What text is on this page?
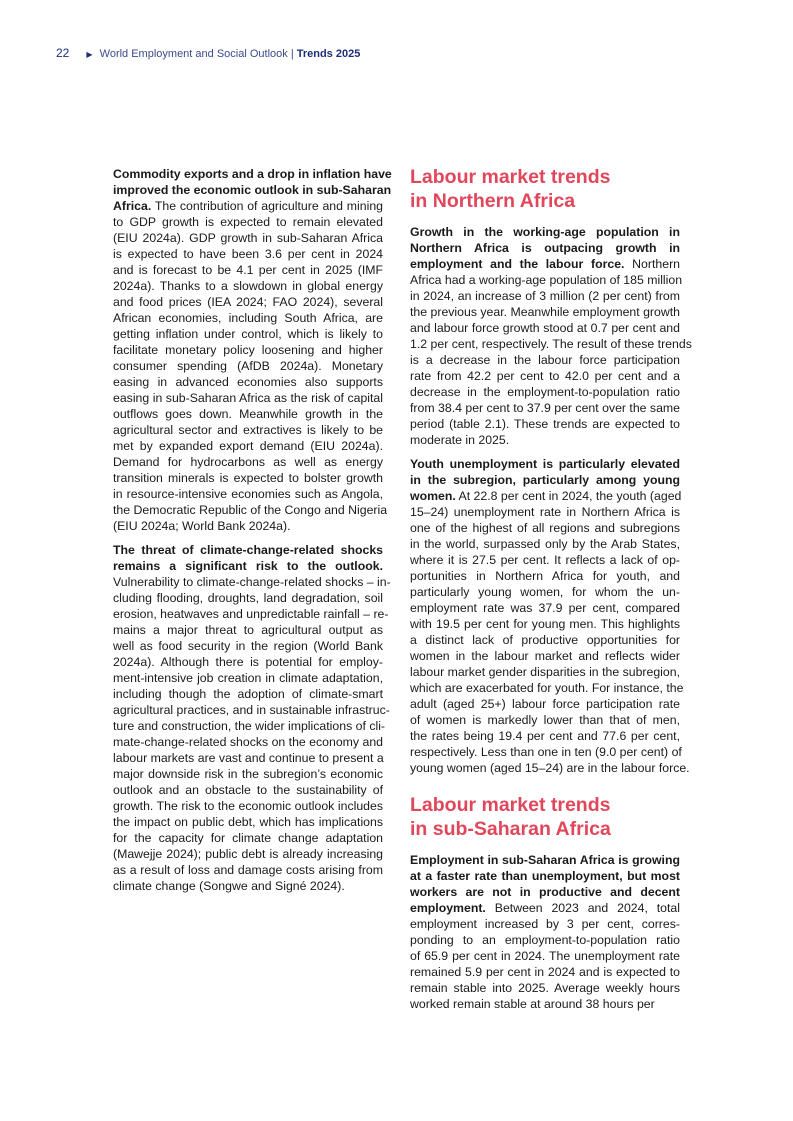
22 ▶ World Employment and Social Outlook | Trends 2025
Commodity exports and a drop in inflation have
improved the economic outlook in sub-Saharan
Africa. The contribution of agriculture and mining
to GDP growth is expected to remain elevated
(EIU 2024a). GDP growth in sub-Saharan Africa
is expected to have been 3.6 per cent in 2024
and is forecast to be 4.1 per cent in 2025 (IMF
2024a). Thanks to a slowdown in global energy
and food prices (IEA 2024; FAO 2024), several
African economies, including South Africa, are
getting inflation under control, which is likely to
facilitate monetary policy loosening and higher
consumer spending (AfDB 2024a). Monetary
easing in advanced economies also supports
easing in sub-Saharan Africa as the risk of capital
outflows goes down. Meanwhile growth in the
agricultural sector and extractives is likely to be
met by expanded export demand (EIU 2024a).
Demand for hydrocarbons as well as energy
transition minerals is expected to bolster growth
in resource-intensive economies such as Angola,
the Democratic Republic of the Congo and Nigeria
(EIU 2024a; World Bank 2024a).
The threat of climate-change-related shocks
remains a significant risk to the outlook.
Vulnerability to climate-change-related shocks – in-
cluding flooding, droughts, land degradation, soil
erosion, heatwaves and unpredictable rainfall – re-
mains a major threat to agricultural output as
well as food security in the region (World Bank
2024a). Although there is potential for employ-
ment-intensive job creation in climate adaptation,
including though the adoption of climate-smart
agricultural practices, and in sustainable infrastruc-
ture and construction, the wider implications of cli-
mate-change-related shocks on the economy and
labour markets are vast and continue to present a
major downside risk in the subregion’s economic
outlook and an obstacle to the sustainability of
growth. The risk to the economic outlook includes
the impact on public debt, which has implications
for the capacity for climate change adaptation
(Mawejje 2024); public debt is already increasing
as a result of loss and damage costs arising from
climate change (Songwe and Signé 2024).
Labour market trends
in Northern Africa
Growth in the working-age population in
Northern Africa is outpacing growth in
employment and the labour force. Northern
Africa had a working-age population of 185 million
in 2024, an increase of 3 million (2 per cent) from
the previous year. Meanwhile employment growth
and labour force growth stood at 0.7 per cent and
1.2 per cent, respectively. The result of these trends
is a decrease in the labour force participation
rate from 42.2 per cent to 42.0 per cent and a
decrease in the employment-to-population ratio
from 38.4 per cent to 37.9 per cent over the same
period (table 2.1). These trends are expected to
moderate in 2025.
Youth unemployment is particularly elevated
in the subregion, particularly among young
women. At 22.8 per cent in 2024, the youth (aged
15–24) unemployment rate in Northern Africa is
one of the highest of all regions and subregions
in the world, surpassed only by the Arab States,
where it is 27.5 per cent. It reflects a lack of op-
portunities in Northern Africa for youth, and
particularly young women, for whom the un-
employment rate was 37.9 per cent, compared
with 19.5 per cent for young men. This highlights
a distinct lack of productive opportunities for
women in the labour market and reflects wider
labour market gender disparities in the subregion,
which are exacerbated for youth. For instance, the
adult (aged 25+) labour force participation rate
of women is markedly lower than that of men,
the rates being 19.4 per cent and 77.6 per cent,
respectively. Less than one in ten (9.0 per cent) of
young women (aged 15–24) are in the labour force.
Labour market trends
in sub-Saharan Africa
Employment in sub-Saharan Africa is growing
at a faster rate than unemployment, but most
workers are not in productive and decent
employment. Between 2023 and 2024, total
employment increased by 3 per cent, corres-
ponding to an employment-to-population ratio
of 65.9 per cent in 2024. The unemployment rate
remained 5.9 per cent in 2024 and is expected to
remain stable into 2025. Average weekly hours
worked remain stable at around 38 hours per
